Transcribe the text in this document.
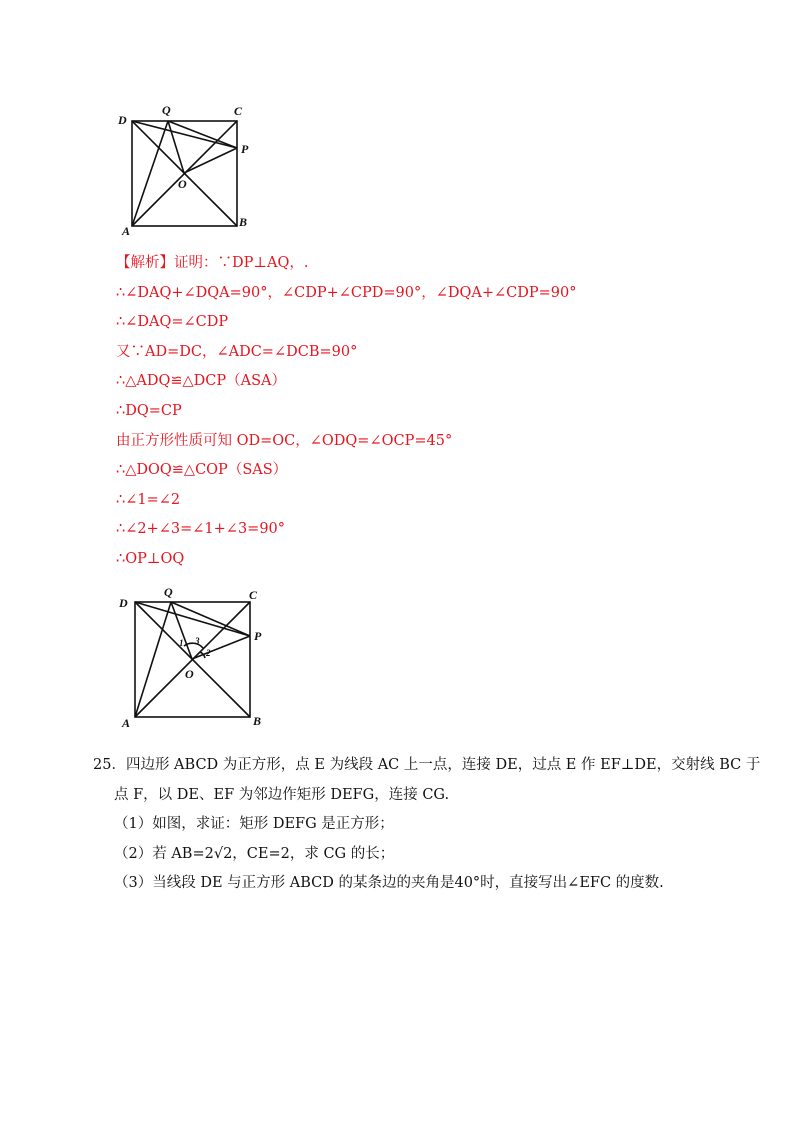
D
Q	C
P
O
A
B
【解析】证明：∵DP⊥AQ，.
∴∠DAQ+∠DQA=90°，∠CDP+∠CPD=90°，∠DQA+∠CDP=90°
∴∠DAQ=∠CDP
又∵AD=DC，∠ADC=∠DCB=90°
∴△ADQ≌△DCP（ASA）
∴DQ=CP
由正方形性质可知 OD=OC，∠ODQ=∠OCP=45°
∴△DOQ≌△COP（SAS）
∴∠1=∠2
∴∠2+∠3=∠1+∠3=90°
∴OP⊥OQ
D
Q	C
P
O
A	B
1
2
3
25．四边形 ABCD 为正方形，点 E 为线段 AC 上一点，连接 DE，过点 E 作 EF⊥DE，交射线 BC 于
点 F，以 DE、EF 为邻边作矩形 DEFG，连接 CG.
（1）如图，求证：矩形 DEFG 是正方形；
（2）若 AB=2√2，CE=2，求 CG 的长；
（3）当线段 DE 与正方形 ABCD 的某条边的夹角是40°时，直接写出∠EFC 的度数.
